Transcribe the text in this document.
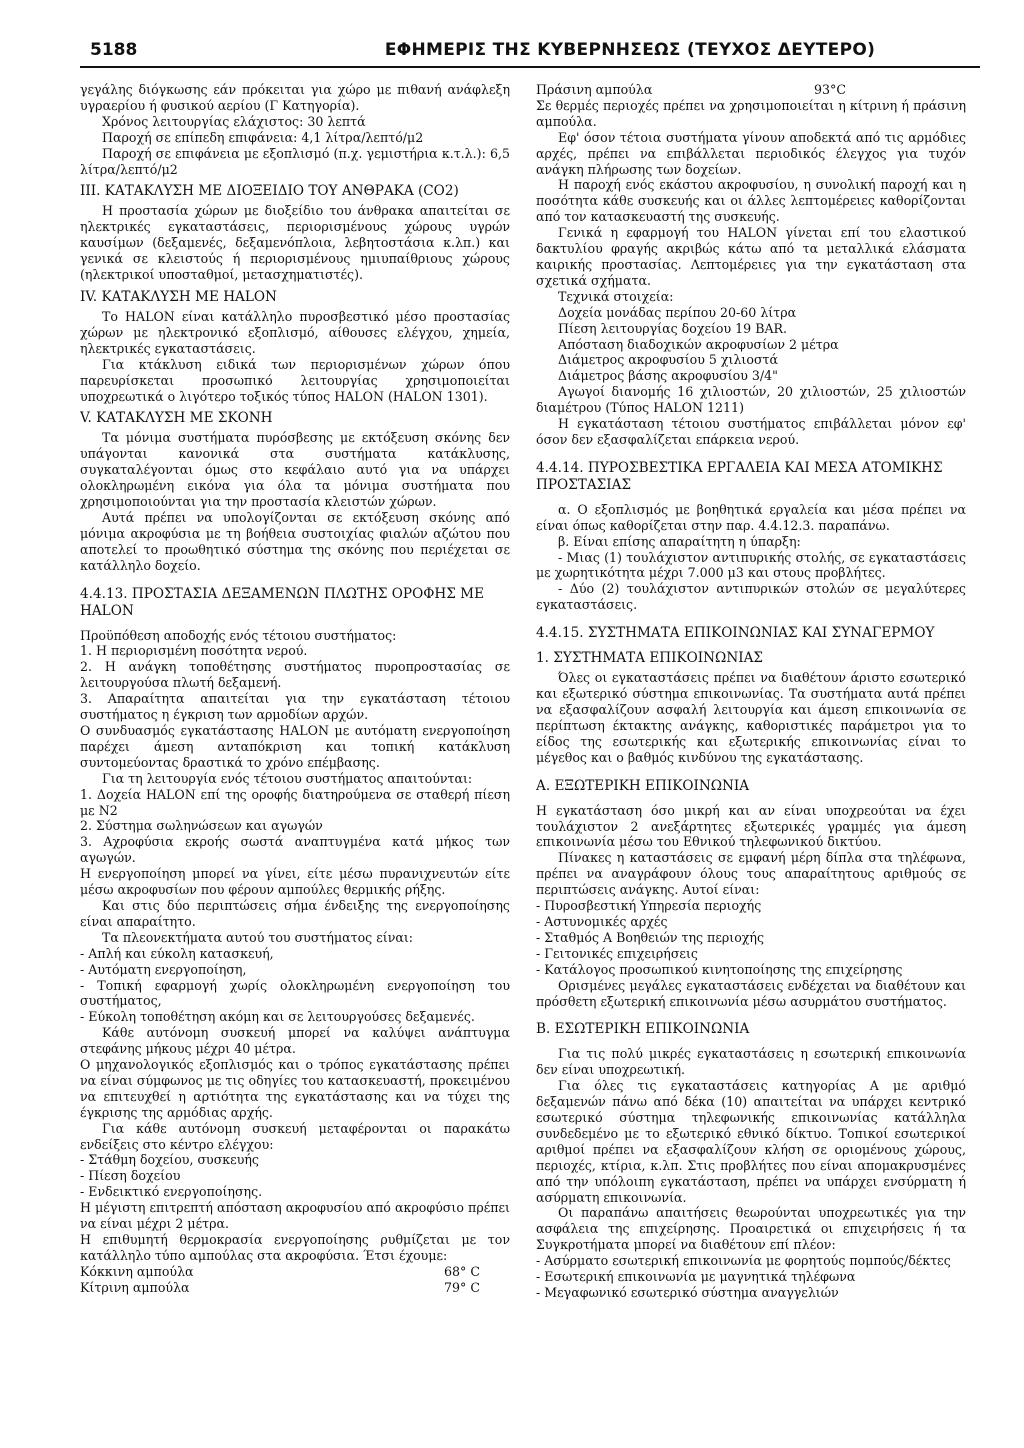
5188	ΕΦΗΜΕΡΙΣ ΤΗΣ ΚΥΒΕΡΝΗΣΕΩΣ (ΤΕΥΧΟΣ ΔΕΥΤΕΡΟ)

γεγάλης διόγκωσης εάν πρόκειται για χώρο με πιθανή ανάφλεξη υγραερίου ή φυσικού αερίου (Γ Κατηγορία).

Χρόνος λειτουργίας ελάχιστος: 30 λεπτά

Παροχή σε επίπεδη επιφάνεια: 4,1 λίτρα/λεπτό/μ2

Παροχή σε επιφάνεια με εξοπλισμό (π.χ. γεμιστήρια κ.τ.λ.): 6,5 λίτρα/λεπτό/μ2

III. ΚΑΤΑΚΛΥΣΗ ΜΕ ΔΙΟΞΕΙΔΙΟ ΤΟΥ ΑΝΘΡΑΚΑ (CO2)

Η προστασία χώρων με διοξείδιο του άνθρακα απαιτείται σε ηλεκτρικές εγκαταστάσεις, περιορισμένους χώρους υγρών καυσίμων (δεξαμενές, δεξαμενόπλοια, λεβητοστάσια κ.λπ.) και γενικά σε κλειστούς ή περιορισμένους ημιυπαίθριους χώρους (ηλεκτρικοί υποσταθμοί, μετασχηματιστές).

IV. ΚΑΤΑΚΛΥΣΗ ΜΕ HALON

Το HALON είναι κατάλληλο πυροσβεστικό μέσο προστασίας χώρων με ηλεκτρονικό εξοπλισμό, αίθουσες ελέγχου, χημεία, ηλεκτρικές εγκαταστάσεις.

Για κτάκλυση ειδικά των περιορισμένων χώρων όπου παρευρίσκεται προσωπικό λειτουργίας χρησιμοποιείται υποχρεωτικά ο λιγότερο τοξικός τύπος HALON (HALON 1301).

V. ΚΑΤΑΚΛΥΣΗ ΜΕ ΣΚΟΝΗ

Τα μόνιμα συστήματα πυρόσβεσης με εκτόξευση σκόνης δεν υπάγονται κανονικά στα συστήματα κατάκλυσης, συγκαταλέγονται όμως στο κεφάλαιο αυτό για να υπάρχει ολοκληρωμένη εικόνα για όλα τα μόνιμα συστήματα που χρησιμοποιούνται για την προστασία κλειστών χώρων.

Αυτά πρέπει να υπολογίζονται σε εκτόξευση σκόνης από μόνιμα ακροφύσια με τη βοήθεια συστοιχίας φιαλών αζώτου που αποτελεί το προωθητικό σύστημα της σκόνης που περιέχεται σε κατάλληλο δοχείο.

4.4.13. ΠΡΟΣΤΑΣΙΑ ΔΕΞΑΜΕΝΩΝ ΠΛΩΤΗΣ ΟΡΟΦΗΣ ΜΕ HALON

Προϋπόθεση αποδοχής ενός τέτοιου συστήματος:

1. Η περιορισμένη ποσότητα νερού.

2. Η ανάγκη τοποθέτησης συστήματος πυροπροστασίας σε λειτουργούσα πλωτή δεξαμενή.

3. Απαραίτητα απαιτείται για την εγκατάσταση τέτοιου συστήματος η έγκριση των αρμοδίων αρχών.

Ο συνδυασμός εγκατάστασης HALON με αυτόματη ενεργοποίηση παρέχει άμεση ανταπόκριση και τοπική κατάκλυση συντομεύοντας δραστικά το χρόνο επέμβασης.

Για τη λειτουργία ενός τέτοιου συστήματος απαιτούνται:

1. Δοχεία HALON επί της οροφής διατηρούμενα σε σταθερή πίεση με N2

2. Σύστημα σωληνώσεων και αγωγών

3. Αχροφύσια εκροής σωστά αναπτυγμένα κατά μήκος των αγωγών.

Η ενεργοποίηση μπορεί να γίνει, είτε μέσω πυρανιχνευτών είτε μέσω ακροφυσίων που φέρουν αμπούλες θερμικής ρήξης.

Και στις δύο περιπτώσεις σήμα ένδειξης της ενεργοποίησης είναι απαραίτητο.

Τα πλεονεκτήματα αυτού του συστήματος είναι:

- Απλή και εύκολη κατασκευή,

- Αυτόματη ενεργοποίηση,

- Τοπική εφαρμογή χωρίς ολοκληρωμένη ενεργοποίηση του συστήματος,

- Εύκολη τοποθέτηση ακόμη και σε λειτουργούσες δεξαμενές.

Κάθε αυτόνομη συσκευή μπορεί να καλύψει ανάπτυγμα στεφάνης μήκους μέχρι 40 μέτρα.

Ο μηχανολογικός εξοπλισμός και ο τρόπος εγκατάστασης πρέπει να είναι σύμφωνος με τις οδηγίες του κατασκευαστή, προκειμένου να επιτευχθεί η αρτιότητα της εγκατάστασης και να τύχει της έγκρισης της αρμόδιας αρχής.

Για κάθε αυτόνομη συσκευή μεταφέρονται οι παρακάτω ενδείξεις στο κέντρο ελέγχου:

- Στάθμη δοχείου, συσκευής

- Πίεση δοχείου

- Ενδεικτικό ενεργοποίησης.

Η μέγιστη επιτρεπτή απόσταση ακροφυσίου από ακροφύσιο πρέπει να είναι μέχρι 2 μέτρα.

Η επιθυμητή θερμοκρασία ενεργοποίησης ρυθμίζεται με τον κατάλληλο τύπο αμπούλας στα ακροφύσια. Έτσι έχουμε:

Κόκκινη αμπούλα	68° C
Κίτρινη αμπούλα	79° C
Πράσινη αμπούλα	93°C

Σε θερμές περιοχές πρέπει να χρησιμοποιείται η κίτρινη ή πράσινη αμπούλα.

Εφ' όσον τέτοια συστήματα γίνουν αποδεκτά από τις αρμόδιες αρχές, πρέπει να επιβάλλεται περιοδικός έλεγχος για τυχόν ανάγκη πλήρωσης των δοχείων.

Η παροχή ενός εκάστου ακροφυσίου, η συνολική παροχή και η ποσότητα κάθε συσκευής και οι άλλες λεπτομέρειες καθορίζονται από τον κατασκευαστή της συσκευής.

Γενικά η εφαρμογή του HALON γίνεται επί του ελαστικού δακτυλίου φραγής ακριβώς κάτω από τα μεταλλικά ελάσματα καιρικής προστασίας. Λεπτομέρειες για την εγκατάσταση στα σχετικά σχήματα.

Τεχνικά στοιχεία:

Δοχεία μονάδας περίπου 20-60 λίτρα

Πίεση λειτουργίας δοχείου 19 BAR.

Απόσταση διαδοχικών ακροφυσίων 2 μέτρα

Διάμετρος ακροφυσίου 5 χιλιοστά

Διάμετρος βάσης ακροφυσίου 3/4"

Αγωγοί διανομής 16 χιλιοστών, 20 χιλιοστών, 25 χιλιοστών διαμέτρου (Τύπος HALON 1211)

Η εγκατάσταση τέτοιου συστήματος επιβάλλεται μόνον εφ' όσον δεν εξασφαλίζεται επάρκεια νερού.

4.4.14. ΠΥΡΟΣΒΕΣΤΙΚΑ ΕΡΓΑΛΕΙΑ ΚΑΙ ΜΕΣΑ ΑΤΟΜΙΚΗΣ ΠΡΟΣΤΑΣΙΑΣ

α. Ο εξοπλισμός με βοηθητικά εργαλεία και μέσα πρέπει να είναι όπως καθορίζεται στην παρ. 4.4.12.3. παραπάνω.

β. Είναι επίσης απαραίτητη η ύπαρξη:

- Μιας (1) τουλάχιστον αντιπυρικής στολής, σε εγκαταστάσεις με χωρητικότητα μέχρι 7.000 μ3 και στους προβλήτες.

- Δύο (2) τουλάχιστον αντιπυρικών στολών σε μεγαλύτερες εγκαταστάσεις.

4.4.15. ΣΥΣΤΗΜΑΤΑ ΕΠΙΚΟΙΝΩΝΙΑΣ ΚΑΙ ΣΥΝΑΓΕΡΜΟΥ

1. ΣΥΣΤΗΜΑΤΑ ΕΠΙΚΟΙΝΩΝΙΑΣ

Όλες οι εγκαταστάσεις πρέπει να διαθέτουν άριστο εσωτερικό και εξωτερικό σύστημα επικοινωνίας. Τα συστήματα αυτά πρέπει να εξασφαλίζουν ασφαλή λειτουργία και άμεση επικοινωνία σε περίπτωση έκτακτης ανάγκης, καθοριστικές παράμετροι για το είδος της εσωτερικής και εξωτερικής επικοινωνίας είναι το μέγεθος και ο βαθμός κινδύνου της εγκατάστασης.

Α. ΕΞΩΤΕΡΙΚΗ ΕΠΙΚΟΙΝΩΝΙΑ

Η εγκατάσταση όσο μικρή και αν είναι υποχρεούται να έχει τουλάχιστον 2 ανεξάρτητες εξωτερικές γραμμές για άμεση επικοινωνία μέσω του Εθνικού τηλεφωνικού δικτύου.

Πίνακες η καταστάσεις σε εμφανή μέρη δίπλα στα τηλέφωνα, πρέπει να αναγράφουν όλους τους απαραίτητους αριθμούς σε περιπτώσεις ανάγκης. Αυτοί είναι:

- Πυροσβεστική Υπηρεσία περιοχής

- Αστυνομικές αρχές

- Σταθμός Α Βοηθειών της περιοχής

- Γειτονικές επιχειρήσεις

- Κατάλογος προσωπικού κινητοποίησης της επιχείρησης

Ορισμένες μεγάλες εγκαταστάσεις ενδέχεται να διαθέτουν και πρόσθετη εξωτερική επικοινωνία μέσω ασυρμάτου συστήματος.

Β. ΕΣΩΤΕΡΙΚΗ ΕΠΙΚΟΙΝΩΝΙΑ

Για τις πολύ μικρές εγκαταστάσεις η εσωτερική επικοινωνία δεν είναι υποχρεωτική.

Για όλες τις εγκαταστάσεις κατηγορίας Α με αριθμό δεξαμενών πάνω από δέκα (10) απαιτείται να υπάρχει κεντρικό εσωτερικό σύστημα τηλεφωνικής επικοινωνίας κατάλληλα συνδεδεμένο με το εξωτερικό εθνικό δίκτυο. Τοπικοί εσωτερικοί αριθμοί πρέπει να εξασφαλίζουν κλήση σε οριομένους χώρους, περιοχές, κτίρια, κ.λπ. Στις προβλήτες που είναι απομακρυσμένες από την υπόλοιπη εγκατάσταση, πρέπει να υπάρχει ενσύρματη ή ασύρματη επικοινωνία.

Οι παραπάνω απαιτήσεις θεωρούνται υποχρεωτικές για την ασφάλεια της επιχείρησης. Προαιρετικά οι επιχειρήσεις ή τα Συγκροτήματα μπορεί να διαθέτουν επί πλέον:

- Ασύρματο εσωτερική επικοινωνία με φορητούς πομπούς/δέκτες

- Εσωτερική επικοινωνία με μαγνητικά τηλέφωνα

- Μεγαφωνικό εσωτερικό σύστημα αναγγελιών
